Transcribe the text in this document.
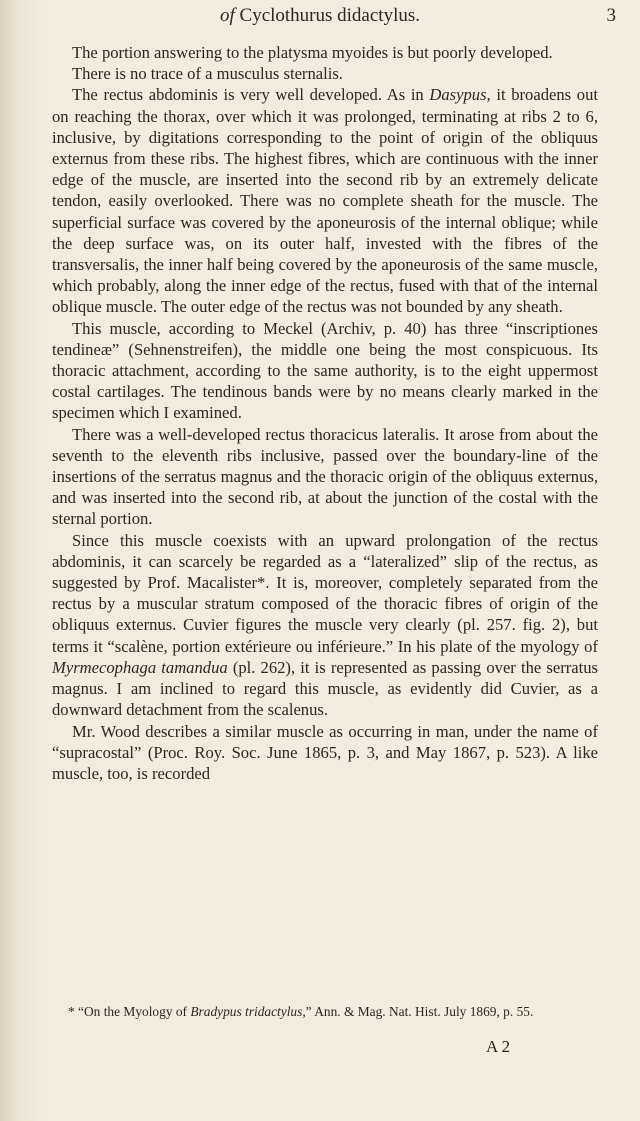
of Cyclothurus didactylus.	3

The portion answering to the platysma myoides is but poorly developed.

There is no trace of a musculus sternalis.

The rectus abdominis is very well developed. As in Dasypus, it broadens out on reaching the thorax, over which it was prolonged, terminating at ribs 2 to 6, inclusive, by digitations corresponding to the point of origin of the obliquus externus from these ribs. The highest fibres, which are continuous with the inner edge of the muscle, are inserted into the second rib by an extremely delicate tendon, easily overlooked. There was no complete sheath for the muscle. The superficial surface was covered by the aponeurosis of the internal oblique; while the deep surface was, on its outer half, invested with the fibres of the transversalis, the inner half being covered by the aponeurosis of the same muscle, which probably, along the inner edge of the rectus, fused with that of the internal oblique muscle. The outer edge of the rectus was not bounded by any sheath.

This muscle, according to Meckel (Archiv, p. 40) has three “inscriptiones tendineæ” (Sehnenstreifen), the middle one being the most conspicuous. Its thoracic attachment, according to the same authority, is to the eight uppermost costal cartilages. The tendinous bands were by no means clearly marked in the specimen which I examined.

There was a well-developed rectus thoracicus lateralis. It arose from about the seventh to the eleventh ribs inclusive, passed over the boundary-line of the insertions of the serratus magnus and the thoracic origin of the obliquus externus, and was inserted into the second rib, at about the junction of the costal with the sternal portion.

Since this muscle coexists with an upward prolongation of the rectus abdominis, it can scarcely be regarded as a “lateralized” slip of the rectus, as suggested by Prof. Macalister*. It is, moreover, completely separated from the rectus by a muscular stratum composed of the thoracic fibres of origin of the obliquus externus. Cuvier figures the muscle very clearly (pl. 257. fig. 2), but terms it “scalène, portion extérieure ou inférieure.” In his plate of the myology of Myrmecophaga tamandua (pl. 262), it is represented as passing over the serratus magnus. I am inclined to regard this muscle, as evidently did Cuvier, as a downward detachment from the scalenus.

Mr. Wood describes a similar muscle as occurring in man, under the name of “supracostal” (Proc. Roy. Soc. June 1865, p. 3, and May 1867, p. 523). A like muscle, too, is recorded

* “On the Myology of Bradypus tridactylus,” Ann. & Mag. Nat. Hist. July 1869, p. 55.

A 2
